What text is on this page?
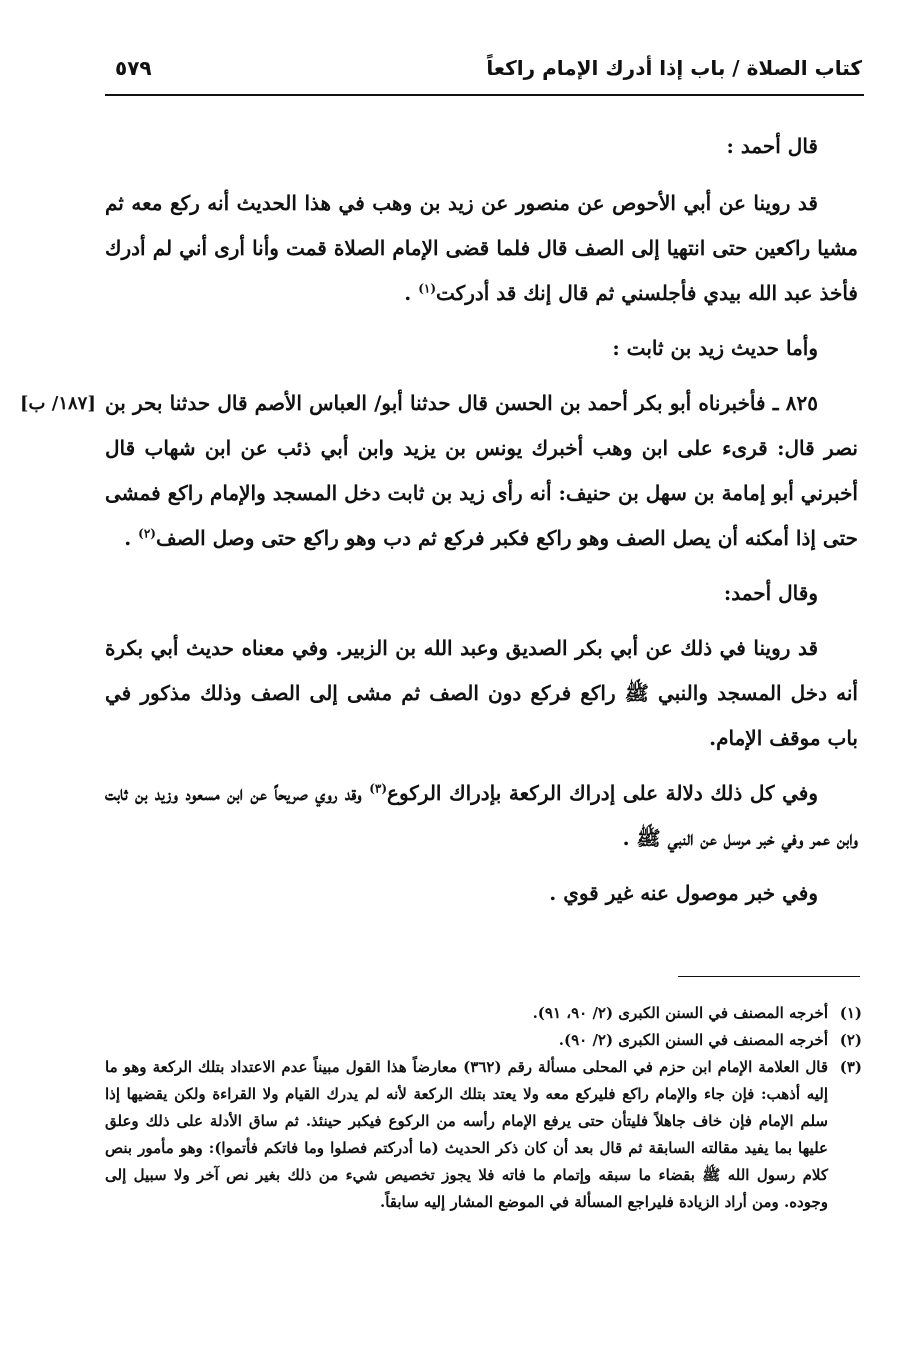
كتاب الصلاة / باب إذا أدرك الإمام راكعاً
٥٧٩

قال أحمد :

قد روينا عن أبي الأحوص عن منصور عن زيد بن وهب في هذا الحديث أنه ركع معه ثم مشيا راكعين حتى انتهيا إلى الصف قال فلما قضى الإمام الصلاة قمت وأنا أرى أني لم أدرك فأخذ عبد الله بيدي فأجلسني ثم قال إنك قد أدركت$^{(١)}$ .

وأما حديث زيد بن ثابت :

[١٨٧/ ب] ٨٢٥ ـ فأخبرناه أبو بكر أحمد بن الحسن قال حدثنا أبو/ العباس الأصم قال حدثنا بحر بن نصر قال: قرىء على ابن وهب أخبرك يونس بن يزيد وابن أبي ذئب عن ابن شهاب قال أخبرني أبو إمامة بن سهل بن حنيف: أنه رأى زيد بن ثابت دخل المسجد والإمام راكع فمشى حتى إذا أمكنه أن يصل الصف وهو راكع فكبر فركع ثم دب وهو راكع حتى وصل الصف$^{(٢)}$ .

وقال أحمد:

قد روينا في ذلك عن أبي بكر الصديق وعبد الله بن الزبير. وفي معناه حديث أبي بكرة أنه دخل المسجد والنبي ﷺ راكع فركع دون الصف ثم مشى إلى الصف وذلك مذكور في باب موقف الإمام.

وفي كل ذلك دلالة على إدراك الركعة بإدراك الركوع$^{(٣)}$ وقد روي صريحاً عن ابن مسعود وزيد بن ثابت وابن عمر وفي خبر مرسل عن النبي ﷺ .

وفي خبر موصول عنه غير قوي .

(١)
أخرجه المصنف في السنن الكبرى (٢/ ٩٠، ٩١).

(٢)
أخرجه المصنف في السنن الكبرى (٢/ ٩٠).

(٣)
قال العلامة الإمام ابن حزم في المحلى مسألة رقم (٣٦٢) معارضاً هذا القول مبيناً عدم الاعتداد بتلك الركعة وهو ما إليه أذهب: فإن جاء والإمام راكع فليركع معه ولا يعتد بتلك الركعة لأنه لم يدرك القيام ولا القراءة ولكن يقضيها إذا سلم الإمام فإن خاف جاهلاً فليتأن حتى يرفع الإمام رأسه من الركوع فيكبر حينئذ. ثم ساق الأدلة على ذلك وعلق عليها بما يفيد مقالته السابقة ثم قال بعد أن كان ذكر الحديث (ما أدركتم فصلوا وما فاتكم فأتموا): وهو مأمور بنص كلام رسول الله ﷺ بقضاء ما سبقه وإتمام ما فاته فلا يجوز تخصيص شيء من ذلك بغير نص آخر ولا سبيل إلى وجوده. ومن أراد الزيادة فليراجع المسألة في الموضع المشار إليه سابقاً.
